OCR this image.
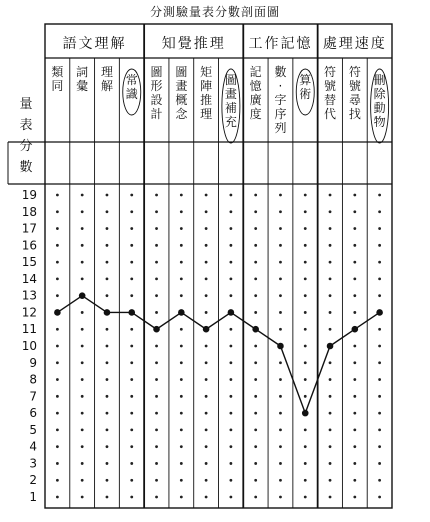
分測驗量表分數剖面圖
量
表
分
數
語文理解
類
同
詞
彙
理
解 常
識
知覺推理
圖
形
設
計
圖
畫
概
念
矩
陣
推
理
圖
畫
補
充
工作記憶
記
憶
廣
度
數
·
字
序
列
算
術
處理速度
符
號
替
代
符
號
尋
找
刪
除
動
物
19
18
17
16
15
14
13
12
11
10
9
8
7
6
5
4
3
2
1
